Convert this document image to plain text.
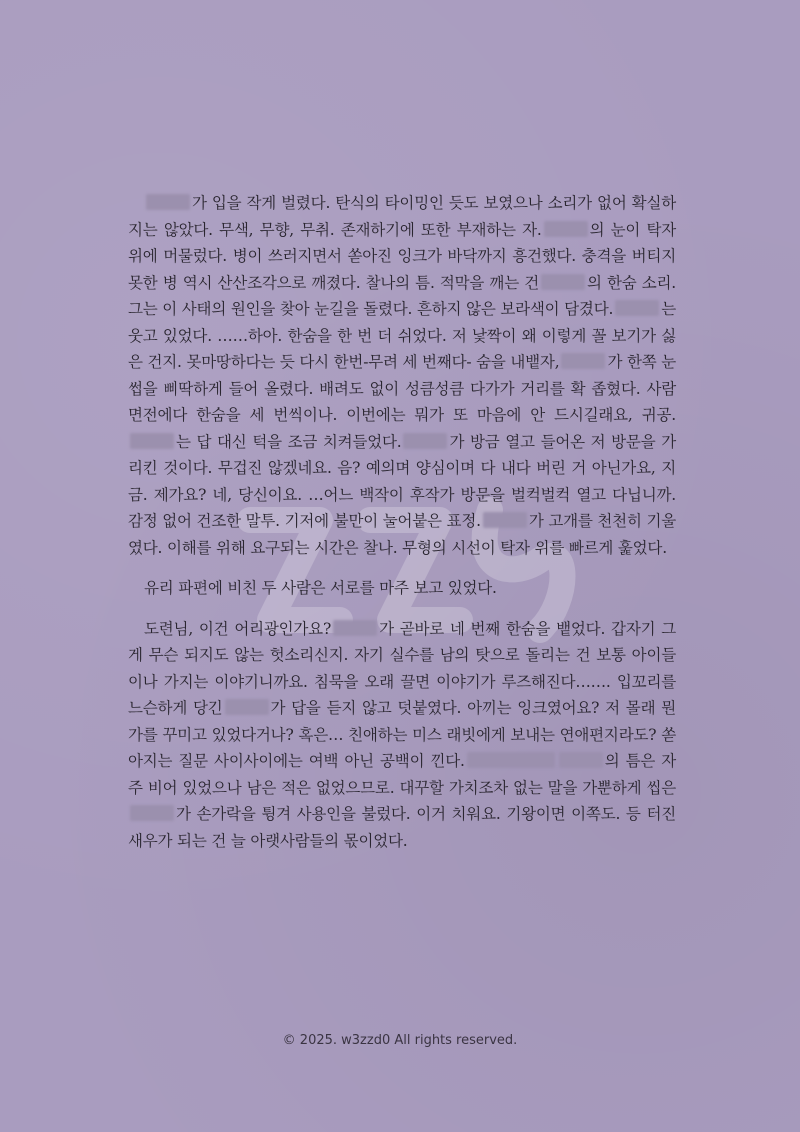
가 입을 작게 벌렸다. 탄식의 타이밍인 듯도 보였으나 소리가 없어 확실하지는 않았다. 무색, 무향, 무취. 존재하기에 또한 부재하는 자.	의 눈이 탁자 위에 머물렀다. 병이 쓰러지면서 쏟아진 잉크가 바닥까지 흥건했다. 충격을 버티지 못한 병 역시 산산조각으로 깨졌다. 찰나의 틈. 적막을 깨는 건	의 한숨 소리. 그는 이 사태의 원인을 찾아 눈길을 돌렸다. 흔하지 않은 보라색이 담겼다.	는 웃고 있었다. ……하아. 한숨을 한 번 더 쉬었다. 저 낯짝이 왜 이렇게 꼴 보기가 싫은 건지. 못마땅하다는 듯 다시 한번-무려 세 번째다- 숨을 내뱉자,	가 한쪽 눈썹을 삐딱하게 들어 올렸다. 배려도 없이 성큼성큼 다가가 거리를 확 좁혔다. 사람 면전에다 한숨을 세 번씩이나. 이번에는 뭐가 또 마음에 안 드시길래요, 귀공.는 답 대신 턱을 조금 치켜들었다.	가 방금 열고 들어온 저 방문을 가리킨 것이다. 무겁진 않겠네요. 음? 예의며 양심이며 다 내다 버린 거 아닌가요, 지금. 제가요? 네, 당신이요. …어느 백작이 후작가 방문을 벌컥벌컥 열고 다닙니까. 감정 없어 건조한 말투. 기저에 불만이 눌어붙은 표정.	가 고개를 천천히 기울였다. 이해를 위해 요구되는 시간은 찰나. 무형의 시선이 탁자 위를 빠르게 훑었다.

유리 파편에 비친 두 사람은 서로를 마주 보고 있었다.

도련님, 이건 어리광인가요?	가 곧바로 네 번째 한숨을 뱉었다. 갑자기 그게 무슨 되지도 않는 헛소리신지. 자기 실수를 남의 탓으로 돌리는 건 보통 아이들이나 가지는 이야기니까요. 침묵을 오래 끌면 이야기가 루즈해진다……. 입꼬리를 느슨하게 당긴	가 답을 듣지 않고 덧붙였다. 아끼는 잉크였어요? 저 몰래 뭔가를 꾸미고 있었다거나? 혹은… 친애하는 미스 래빗에게 보내는 연애편지라도? 쏟아지는 질문 사이사이에는 여백 아닌 공백이 낀다.	의 틈은 자주 비어 있었으나 남은 적은 없었으므로. 대꾸할 가치조차 없는 말을 가뿐하게 씹은가 손가락을 튕겨 사용인을 불렀다. 이거 치워요. 기왕이면 이쪽도. 등 터진 새우가 되는 건 늘 아랫사람들의 몫이었다.

© 2025. w3zzd0 All rights reserved.
